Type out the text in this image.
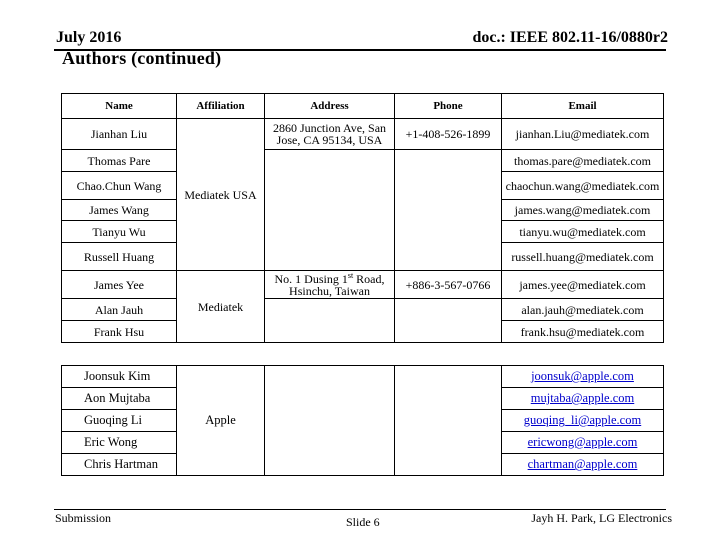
July 2016	doc.: IEEE 802.11-16/0880r2
Authors (continued)
Name	Affiliation	Address	Phone	Email
Jianhan Liu	Mediatek USA	2860 Junction Ave, San Jose, CA 95134, USA	+1-408-526-1899	jianhan.Liu@mediatek.com
Thomas Pare				thomas.pare@mediatek.com
Chao.Chun Wang				chaochun.wang@mediatek.com
James Wang				james.wang@mediatek.com
Tianyu Wu				tianyu.wu@mediatek.com
Russell Huang				russell.huang@mediatek.com
James Yee	Mediatek	No. 1 Dusing 1st Road, Hsinchu, Taiwan	+886-3-567-0766	james.yee@mediatek.com
Alan Jauh				alan.jauh@mediatek.com
Frank Hsu				frank.hsu@mediatek.com
Joonsuk Kim	Apple			joonsuk@apple.com
Aon Mujtaba				mujtaba@apple.com
Guoqing Li				guoqing_li@apple.com
Eric Wong				ericwong@apple.com
Chris Hartman				chartman@apple.com
Submission	Slide 6	Jayh H. Park, LG Electronics
